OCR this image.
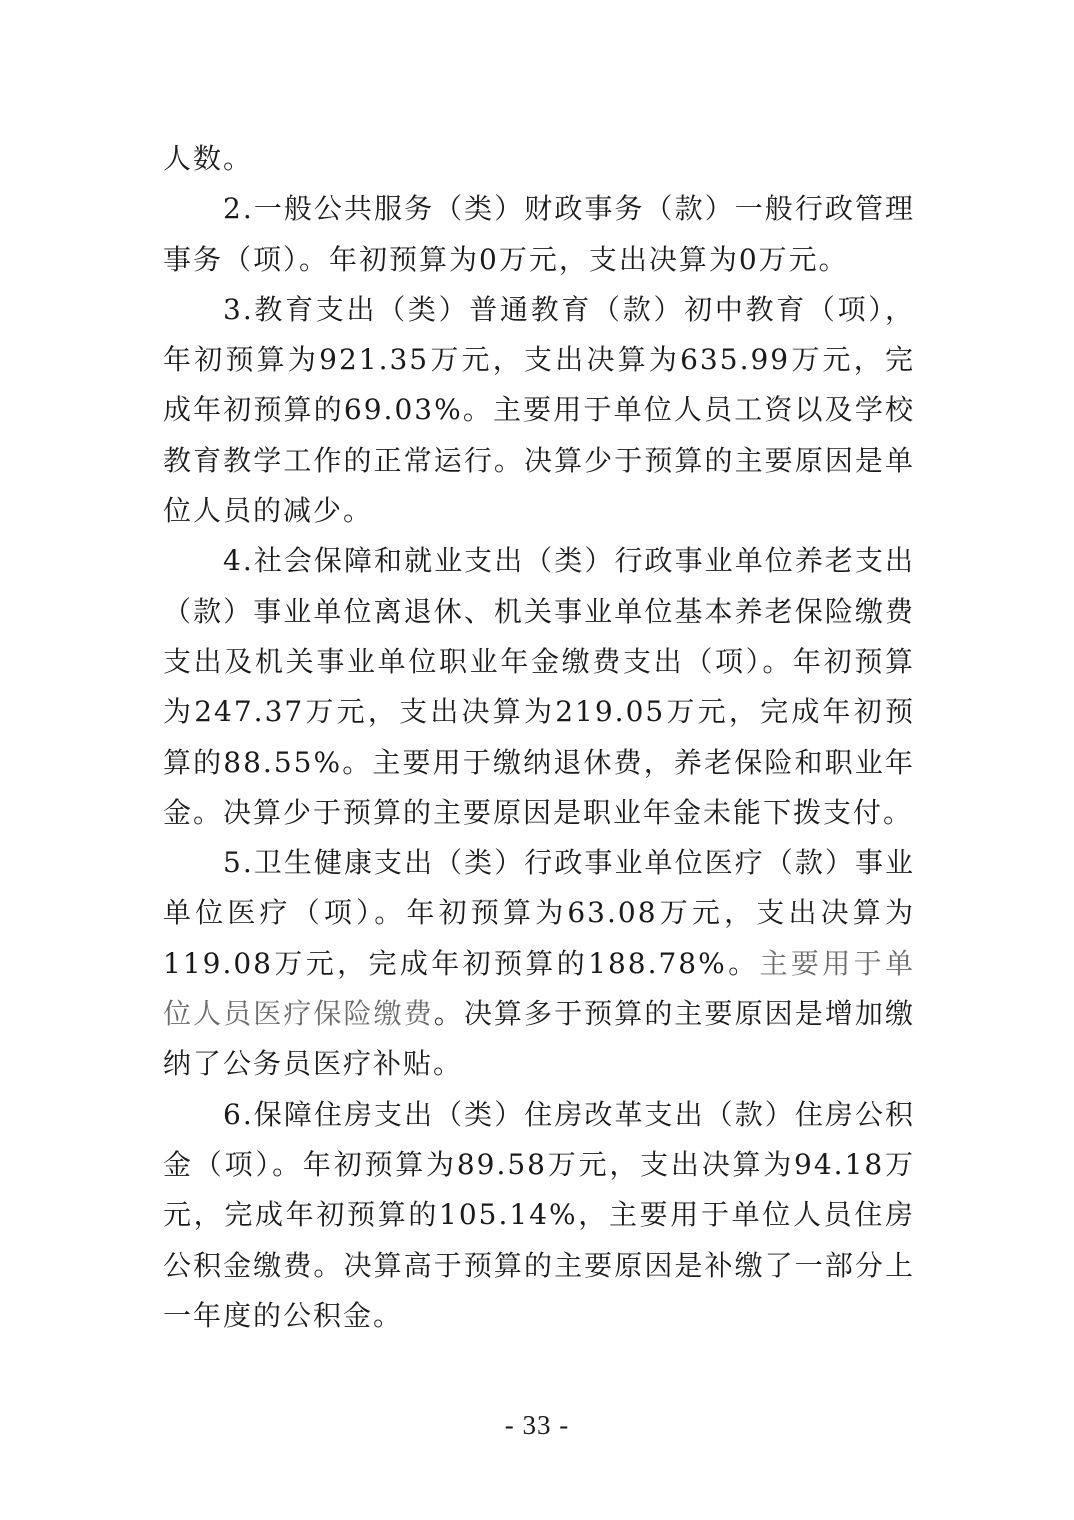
人数。

2.一般公共服务（类）财政事务（款）一般行政管理事务（项）。年初预算为0万元，支出决算为0万元。

3.教育支出（类）普通教育（款）初中教育（项），年初预算为921.35万元，支出决算为635.99万元，完成年初预算的69.03%。主要用于单位人员工资以及学校教育教学工作的正常运行。决算少于预算的主要原因是单位人员的减少。

4.社会保障和就业支出（类）行政事业单位养老支出（款）事业单位离退休、机关事业单位基本养老保险缴费支出及机关事业单位职业年金缴费支出（项）。年初预算为247.37万元，支出决算为219.05万元，完成年初预算的88.55%。主要用于缴纳退休费，养老保险和职业年金。决算少于预算的主要原因是职业年金未能下拨支付。

5.卫生健康支出（类）行政事业单位医疗（款）事业单位医疗（项）。年初预算为63.08万元，支出决算为119.08万元，完成年初预算的188.78%。主要用于单位人员医疗保险缴费。决算多于预算的主要原因是增加缴纳了公务员医疗补贴。

6.保障住房支出（类）住房改革支出（款）住房公积金（项）。年初预算为89.58万元，支出决算为94.18万元，完成年初预算的105.14%，主要用于单位人员住房公积金缴费。决算高于预算的主要原因是补缴了一部分上一年度的公积金。

- 33 -
